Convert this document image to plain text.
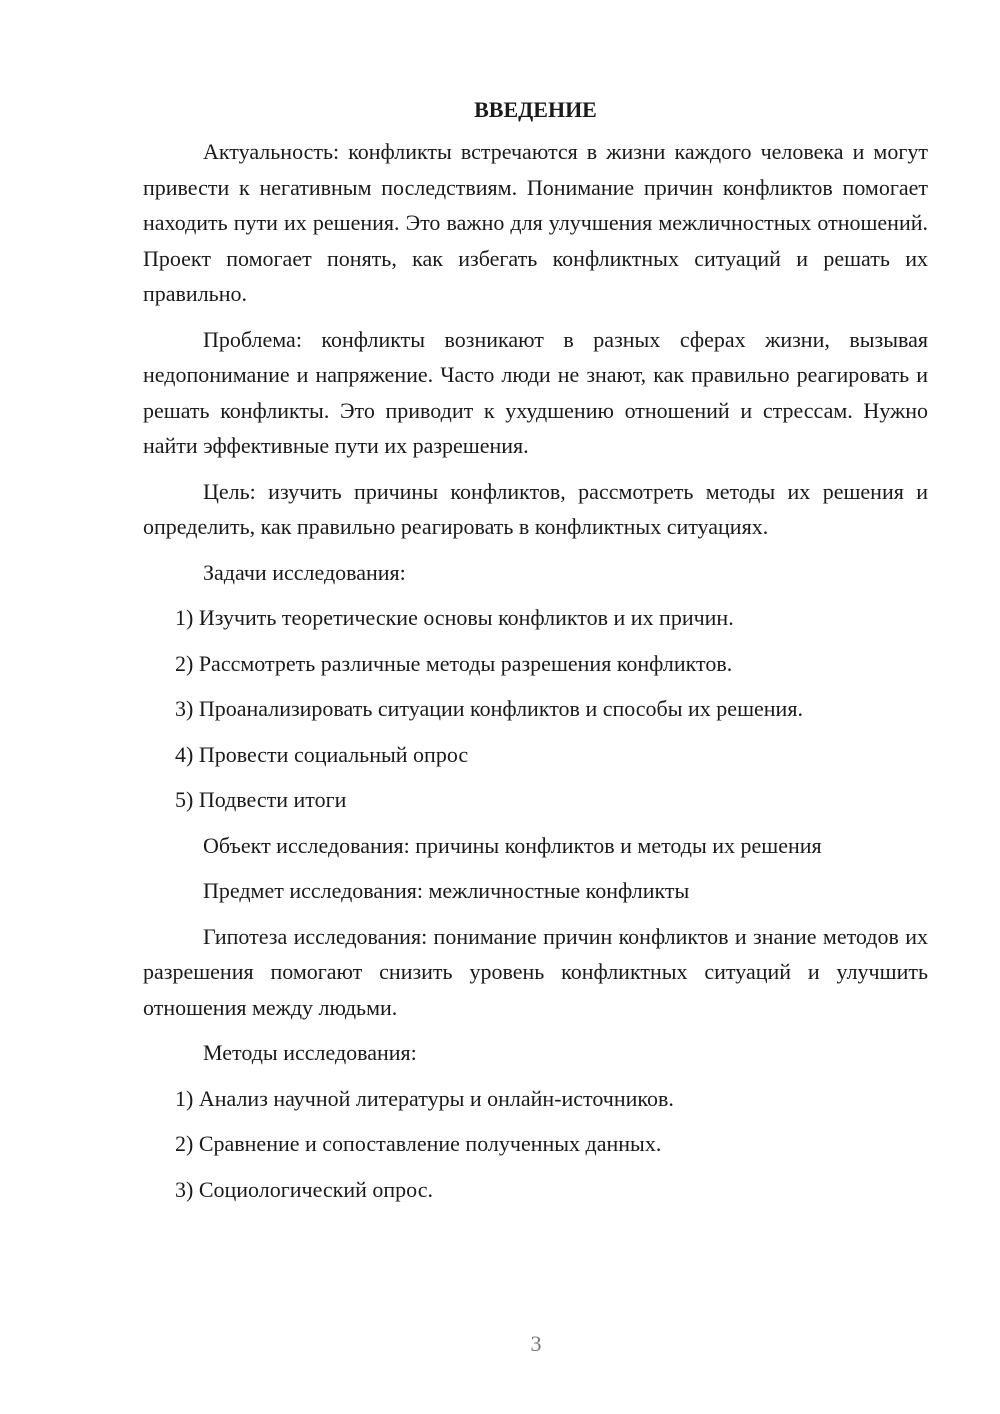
ВВЕДЕНИЕ

Актуальность: конфликты встречаются в жизни каждого человека и могут привести к негативным последствиям. Понимание причин конфликтов помогает находить пути их решения. Это важно для улучшения межличностных отношений. Проект помогает понять, как избегать конфликтных ситуаций и решать их правильно.

Проблема: конфликты возникают в разных сферах жизни, вызывая недопонимание и напряжение. Часто люди не знают, как правильно реагировать и решать конфликты. Это приводит к ухудшению отношений и стрессам. Нужно найти эффективные пути их разрешения.

Цель: изучить причины конфликтов, рассмотреть методы их решения и определить, как правильно реагировать в конфликтных ситуациях.

Задачи исследования:
1) Изучить теоретические основы конфликтов и их причин.
2) Рассмотреть различные методы разрешения конфликтов.
3) Проанализировать ситуации конфликтов и способы их решения.
4) Провести социальный опрос
5) Подвести итоги
Объект исследования: причины конфликтов и методы их решения
Предмет исследования: межличностные конфликты

Гипотеза исследования: понимание причин конфликтов и знание методов их разрешения помогают снизить уровень конфликтных ситуаций и улучшить отношения между людьми.

Методы исследования:
1) Анализ научной литературы и онлайн-источников.
2) Сравнение и сопоставление полученных данных.
3) Социологический опрос.
3
